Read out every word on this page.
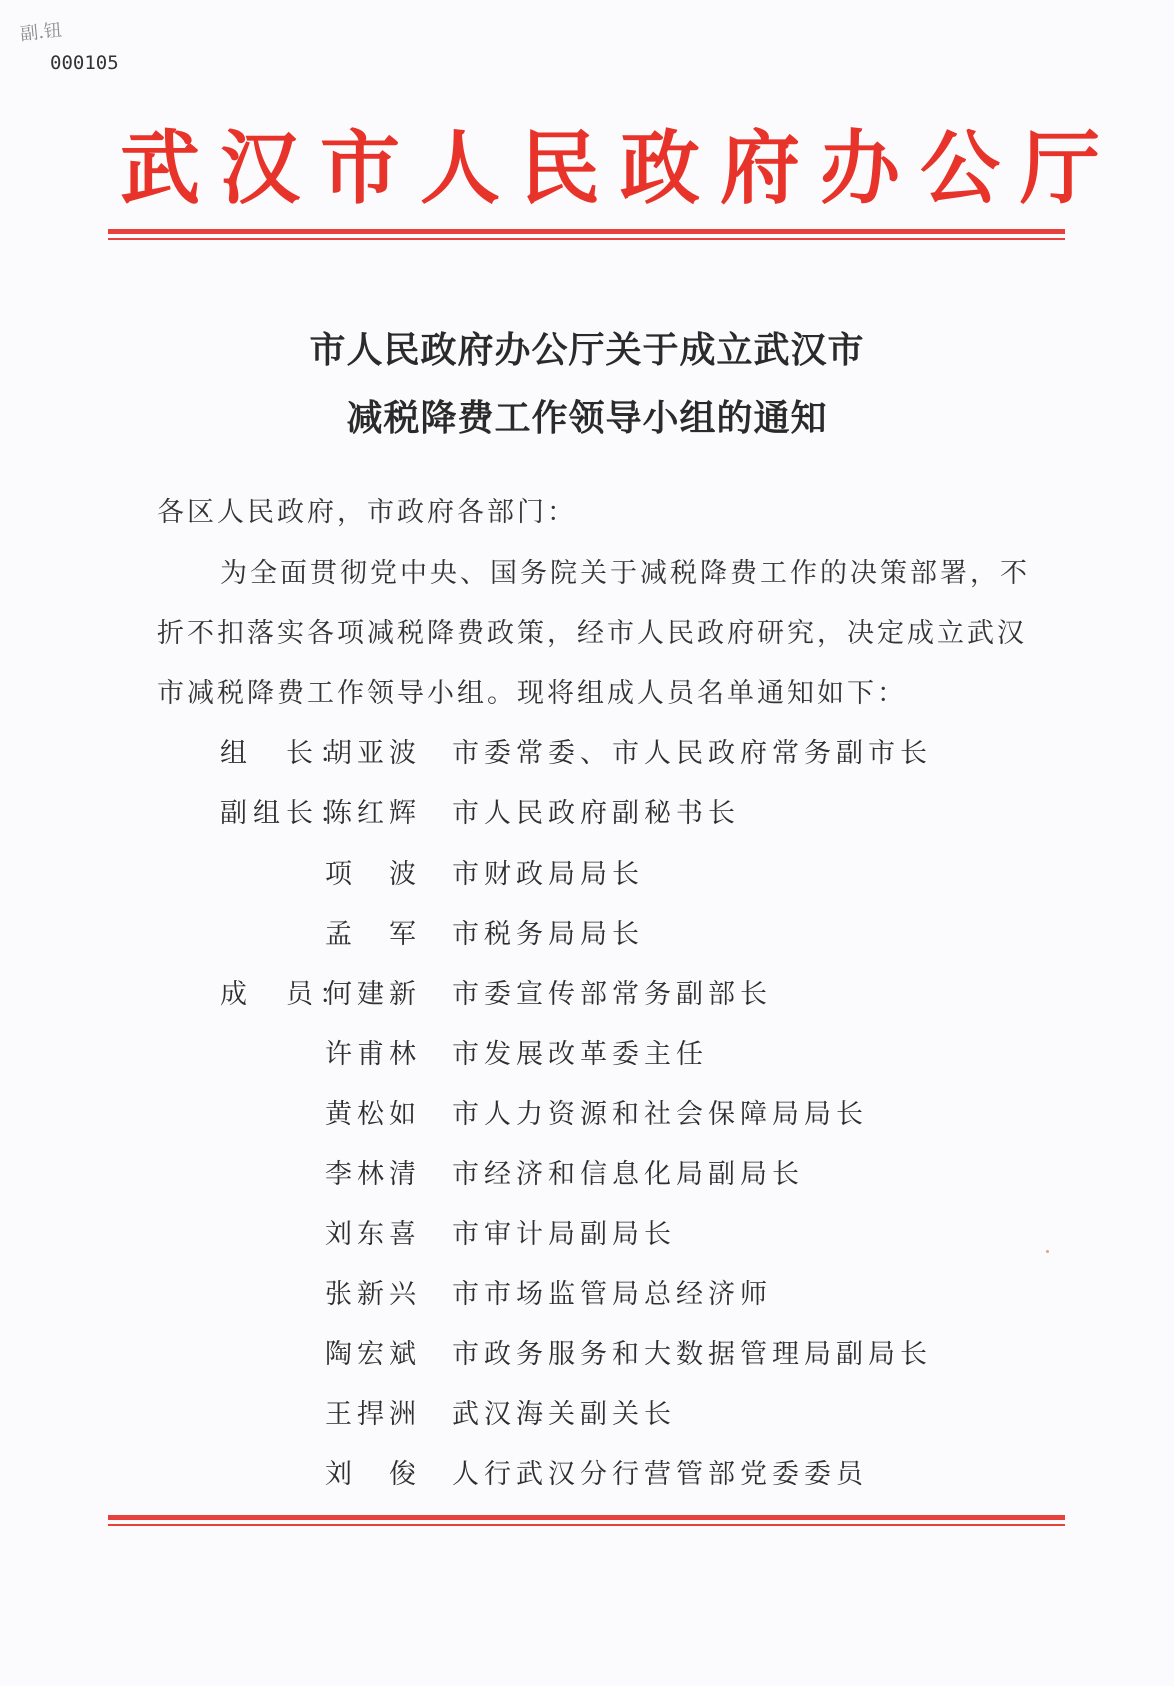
副.钮
000105
武汉市人民政府办公厅
市人民政府办公厅关于成立武汉市
减税降费工作领导小组的通知
各区人民政府，市政府各部门：
为全面贯彻党中央、国务院关于减税降费工作的决策部署，不
折不扣落实各项减税降费政策，经市人民政府研究，决定成立武汉
市减税降费工作领导小组。现将组成人员名单通知如下：
组　长：
胡亚波 市委常委、市人民政府常务副市长
副组长：
陈红辉 市人民政府副秘书长
项　波 市财政局局长
孟　军 市税务局局长
成　员：
何建新 市委宣传部常务副部长
许甫林 市发展改革委主任
黄松如 市人力资源和社会保障局局长
李林清 市经济和信息化局副局长
刘东喜 市审计局副局长
张新兴 市市场监管局总经济师
陶宏斌 市政务服务和大数据管理局副局长
王捍洲 武汉海关副关长
刘　俊 人行武汉分行营管部党委委员
